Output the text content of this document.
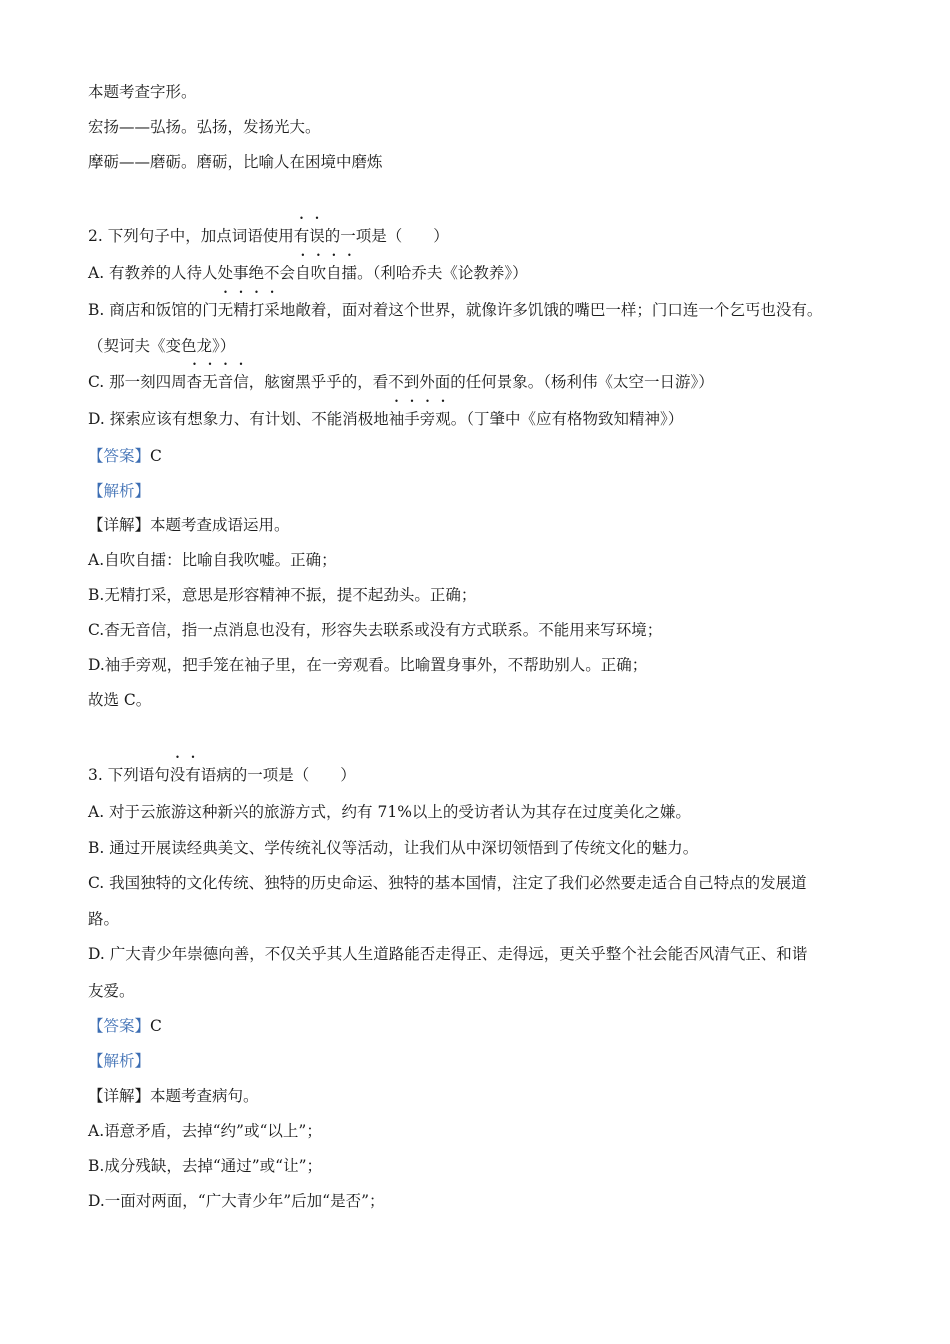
本题考查字形。
宏扬——弘扬。弘扬，发扬光大。
摩砺——磨砺。磨砺，比喻人在困境中磨炼
2. 下列句子中，加点词语使用有误的一项是（　　）
A. 有教养的人待人处事绝不会自吹自擂。（利哈乔夫《论教养》）
B. 商店和饭馆的门无精打采地敞着，面对着这个世界，就像许多饥饿的嘴巴一样；门口连一个乞丐也没有。
（契诃夫《变色龙》）
C. 那一刻四周杳无音信，舷窗黑乎乎的，看不到外面的任何景象。（杨利伟《太空一日游》）
D. 探索应该有想象力、有计划、不能消极地袖手旁观。（丁肇中《应有格物致知精神》）
【答案】C
【解析】
【详解】本题考查成语运用。
A.自吹自擂：比喻自我吹嘘。正确；
B.无精打采，意思是形容精神不振，提不起劲头。正确；
C.杳无音信，指一点消息也没有，形容失去联系或没有方式联系。不能用来写环境；
D.袖手旁观，把手笼在袖子里，在一旁观看。比喻置身事外，不帮助别人。正确；
故选 C。
3. 下列语句没有语病的一项是（　　）
A. 对于云旅游这种新兴的旅游方式，约有 71%以上的受访者认为其存在过度美化之嫌。
B. 通过开展读经典美文、学传统礼仪等活动，让我们从中深切领悟到了传统文化的魅力。
C. 我国独特的文化传统、独特的历史命运、独特的基本国情，注定了我们必然要走适合自己特点的发展道
路。
D. 广大青少年崇德向善，不仅关乎其人生道路能否走得正、走得远，更关乎整个社会能否风清气正、和谐
友爱。
【答案】C
【解析】
【详解】本题考查病句。
A.语意矛盾，去掉“约”或“以上”；
B.成分残缺，去掉“通过”或“让”；
D.一面对两面，“广大青少年”后加“是否”；
